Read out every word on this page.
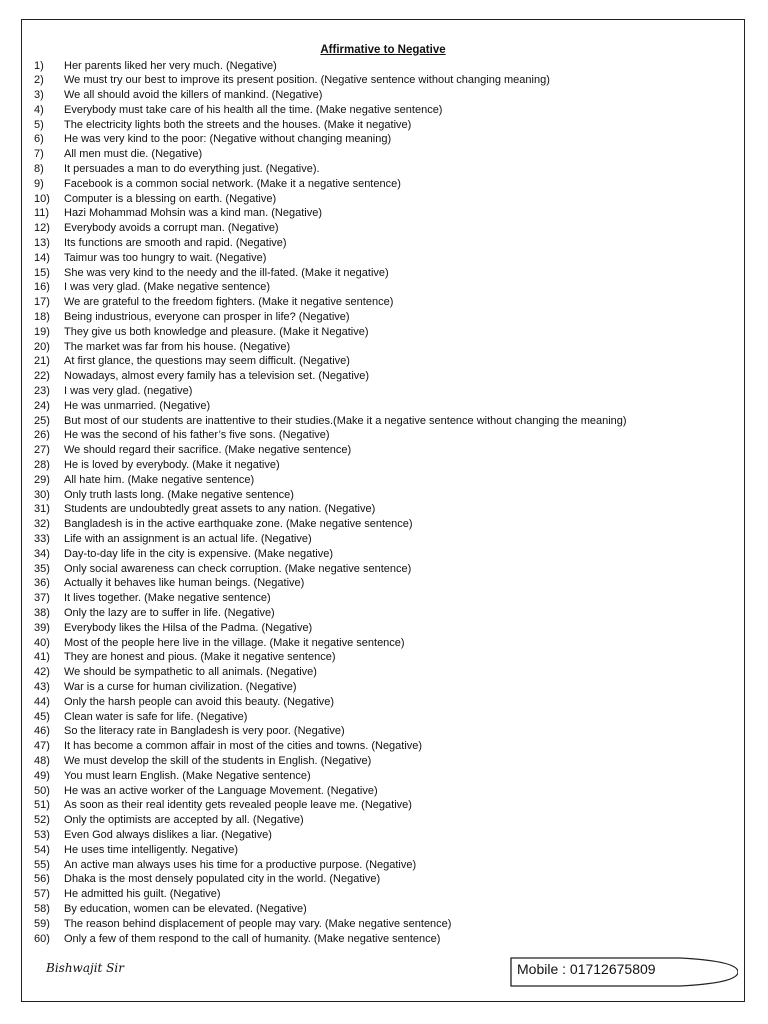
Affirmative to Negative
1)	Her parents liked her very much. (Negative)
2)	We must try our best to improve its present position. (Negative sentence without changing meaning)
3)	We all should avoid the killers of mankind. (Negative)
4)	Everybody must take care of his health all the time. (Make negative sentence)
5)	The electricity lights both the streets and the houses. (Make it negative)
6)	He was very kind to the poor: (Negative without changing meaning)
7)	All men must die. (Negative)
8)	It persuades a man to do everything just. (Negative).
9)	Facebook is a common social network. (Make it a negative sentence)
10)	Computer is a blessing on earth. (Negative)
11)	Hazi Mohammad Mohsin was a kind man. (Negative)
12)	Everybody avoids a corrupt man. (Negative)
13)	Its functions are smooth and rapid. (Negative)
14)	Taimur was too hungry to wait. (Negative)
15)	She was very kind to the needy and the ill-fated. (Make it negative)
16)	I was very glad. (Make negative sentence)
17)	We are grateful to the freedom fighters. (Make it negative sentence)
18)	Being industrious, everyone can prosper in life? (Negative)
19)	They give us both knowledge and pleasure. (Make it Negative)
20)	The market was far from his house. (Negative)
21)	At first glance, the questions may seem difficult. (Negative)
22)	Nowadays, almost every family has a television set. (Negative)
23)	I was very glad. (negative)
24)	He was unmarried. (Negative)
25)	But most of our students are inattentive to their studies.(Make it a negative sentence without changing the meaning)
26)	He was the second of his father’s five sons. (Negative)
27)	We should regard their sacrifice. (Make negative sentence)
28)	He is loved by everybody. (Make it negative)
29)	All hate him. (Make negative sentence)
30)	Only truth lasts long. (Make negative sentence)
31)	Students are undoubtedly great assets to any nation. (Negative)
32)	Bangladesh is in the active earthquake zone. (Make negative sentence)
33)	Life with an assignment is an actual life. (Negative)
34)	Day-to-day life in the city is expensive. (Make negative)
35)	Only social awareness can check corruption. (Make negative sentence)
36)	Actually it behaves like human beings. (Negative)
37)	It lives together. (Make negative sentence)
38)	Only the lazy are to suffer in life. (Negative)
39)	Everybody likes the Hilsa of the Padma. (Negative)
40)	Most of the people here live in the village. (Make it negative sentence)
41)	They are honest and pious. (Make it negative sentence)
42)	We should be sympathetic to all animals. (Negative)
43)	War is a curse for human civilization. (Negative)
44)	Only the harsh people can avoid this beauty. (Negative)
45)	Clean water is safe for life. (Negative)
46)	So the literacy rate in Bangladesh is very poor. (Negative)
47)	It has become a common affair in most of the cities and towns. (Negative)
48)	We must develop the skill of the students in English. (Negative)
49)	You must learn English. (Make Negative sentence)
50)	He was an active worker of the Language Movement. (Negative)
51)	As soon as their real identity gets revealed people leave me. (Negative)
52)	Only the optimists are accepted by all. (Negative)
53)	Even God always dislikes a liar. (Negative)
54)	He uses time intelligently. Negative)
55)	An active man always uses his time for a productive purpose. (Negative)
56)	Dhaka is the most densely populated city in the world. (Negative)
57)	He admitted his guilt. (Negative)
58)	By education, women can be elevated. (Negative)
59)	The reason behind displacement of people may vary. (Make negative sentence)
60)	Only a few of them respond to the call of humanity. (Make negative sentence)
Bishwajit Sir	Mobile : 01712675809
